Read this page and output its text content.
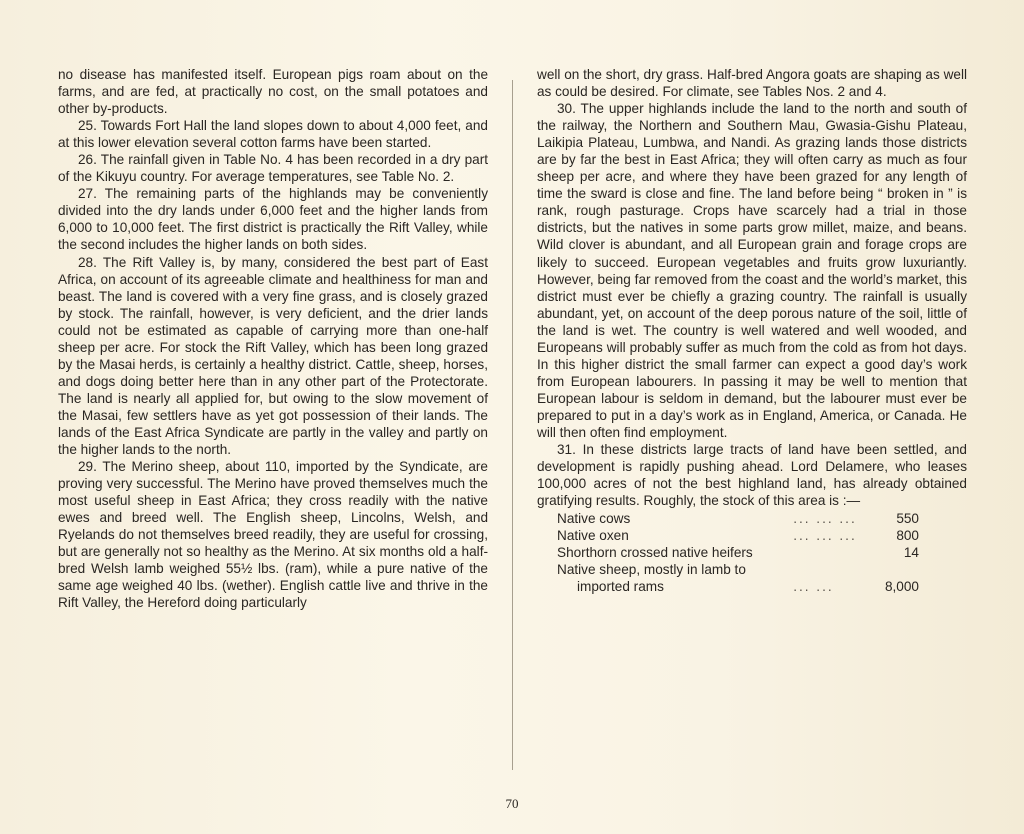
no disease has manifested itself. European pigs roam about on the farms, and are fed, at practically no cost, on the small potatoes and other by-products.

25. Towards Fort Hall the land slopes down to about 4,000 feet, and at this lower elevation several cotton farms have been started.

26. The rainfall given in Table No. 4 has been recorded in a dry part of the Kikuyu country. For average temperatures, see Table No. 2.

27. The remaining parts of the highlands may be conveniently divided into the dry lands under 6,000 feet and the higher lands from 6,000 to 10,000 feet. The first district is practically the Rift Valley, while the second includes the higher lands on both sides.

28. The Rift Valley is, by many, considered the best part of East Africa, on account of its agreeable climate and healthiness for man and beast. The land is covered with a very fine grass, and is closely grazed by stock. The rainfall, however, is very deficient, and the drier lands could not be estimated as capable of carrying more than one-half sheep per acre. For stock the Rift Valley, which has been long grazed by the Masai herds, is certainly a healthy district. Cattle, sheep, horses, and dogs doing better here than in any other part of the Protectorate. The land is nearly all applied for, but owing to the slow movement of the Masai, few settlers have as yet got possession of their lands. The lands of the East Africa Syndicate are partly in the valley and partly on the higher lands to the north.

29. The Merino sheep, about 110, imported by the Syndicate, are proving very successful. The Merino have proved themselves much the most useful sheep in East Africa; they cross readily with the native ewes and breed well. The English sheep, Lincolns, Welsh, and Ryelands do not themselves breed readily, they are useful for crossing, but are generally not so healthy as the Merino. At six months old a half-bred Welsh lamb weighed 55½ lbs. (ram), while a pure native of the same age weighed 40 lbs. (wether). English cattle live and thrive in the Rift Valley, the Hereford doing particularly

well on the short, dry grass. Half-bred Angora goats are shaping as well as could be desired. For climate, see Tables Nos. 2 and 4.

30. The upper highlands include the land to the north and south of the railway, the Northern and Southern Mau, Gwasia-Gishu Plateau, Laikipia Plateau, Lumbwa, and Nandi. As grazing lands those districts are by far the best in East Africa; they will often carry as much as four sheep per acre, and where they have been grazed for any length of time the sward is close and fine. The land before being “ broken in ” is rank, rough pasturage. Crops have scarcely had a trial in those districts, but the natives in some parts grow millet, maize, and beans. Wild clover is abundant, and all European grain and forage crops are likely to succeed. European vegetables and fruits grow luxuriantly. However, being far removed from the coast and the world’s market, this district must ever be chiefly a grazing country. The rainfall is usually abundant, yet, on account of the deep porous nature of the soil, little of the land is wet. The country is well watered and well wooded, and Europeans will probably suffer as much from the cold as from hot days. In this higher district the small farmer can expect a good day’s work from European labourers. In passing it may be well to mention that European labour is seldom in demand, but the labourer must ever be prepared to put in a day’s work as in England, America, or Canada. He will then often find employment.

31. In these districts large tracts of land have been settled, and development is rapidly pushing ahead. Lord Delamere, who leases 100,000 acres of not the best highland land, has already obtained gratifying results. Roughly, the stock of this area is :—

Native cows	... ... ...	550
Native oxen	... ... ...	800
Shorthorn crossed native heifers		14
Native sheep, mostly in lamb to		
imported rams	... ...	8,000
70
